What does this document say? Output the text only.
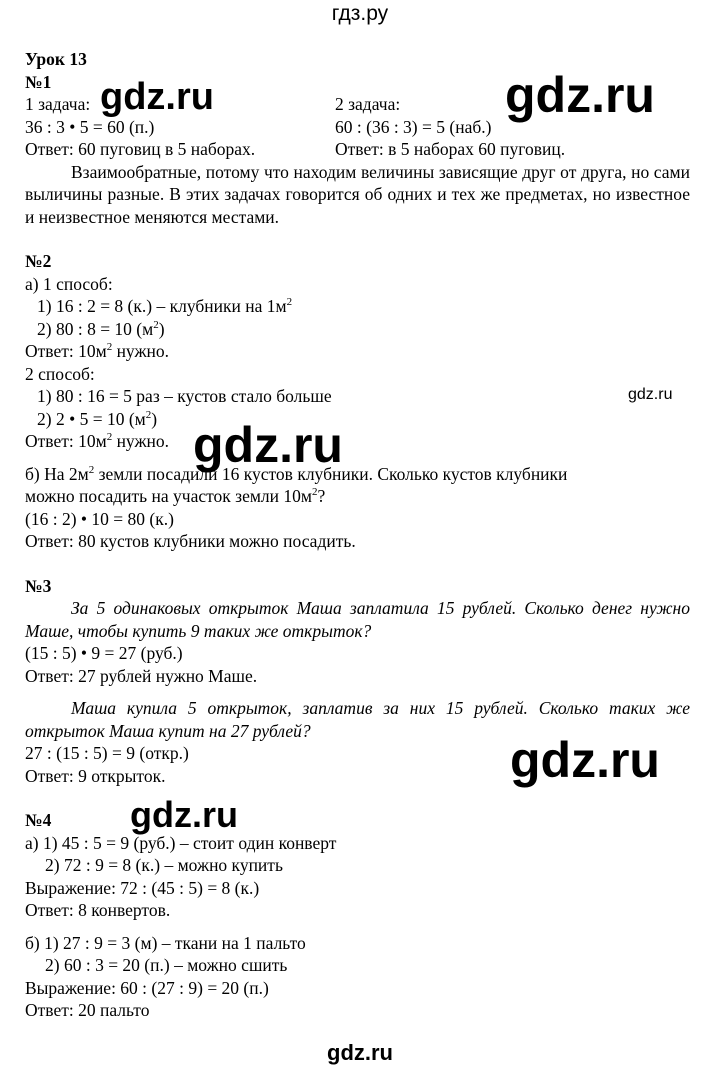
гдз.ру
Урок 13
№1
1 задача:
36 : 3 • 5 = 60 (п.)
Ответ: 60 пуговиц в 5 наборах.
2 задача:
60 : (36 : 3) = 5 (наб.)
Ответ: в 5 наборах 60 пуговиц.
Взаимообратные, потому что находим величины зависящие друг от друга, но сами выличины разные. В этих задачах говорится об одних и тех же предметах, но известное и неизвестное меняются местами.
№2
а) 1 способ:
1) 16 : 2 = 8 (к.) – клубники на $1м^2$
2) 80 : 8 = 10 $(м^2)$
Ответ: $10м^2$ нужно.
2 способ:
1) 80 : 16 = 5 раз – кустов стало больше
2) 2 • 5 = 10 $(м^2)$
Ответ: $10м^2$ нужно.
б) На $2м^2$ земли посадили 16 кустов клубники. Сколько кустов клубники
можно посадить на участок земли $10м^2$?
(16 : 2) • 10 = 80 (к.)
Ответ: 80 кустов клубники можно посадить.
№3
За 5 одинаковых открыток Маша заплатила 15 рублей. Сколько денег нужно Маше, чтобы купить 9 таких же открыток?
(15 : 5) • 9 = 27 (руб.)
Ответ: 27 рублей нужно Маше.
Маша купила 5 открыток, заплатив за них 15 рублей. Сколько таких же открыток Маша купит на 27 рублей?
27 : (15 : 5) = 9 (откр.)
Ответ: 9 открыток.
№4
а) 1) 45 : 5 = 9 (руб.) – стоит один конверт
2) 72 : 9 = 8 (к.) – можно купить
Выражение: 72 : (45 : 5) = 8 (к.)
Ответ: 8 конвертов.
б) 1) 27 : 9 = 3 (м) – ткани на 1 пальто
2) 60 : 3 = 20 (п.) – можно сшить
Выражение: 60 : (27 : 9) = 20 (п.)
Ответ: 20 пальто
gdz.ru	gdz.ru
gdz.ru
gdz.ru
gdz.ru
gdz.ru
gdz.ru
